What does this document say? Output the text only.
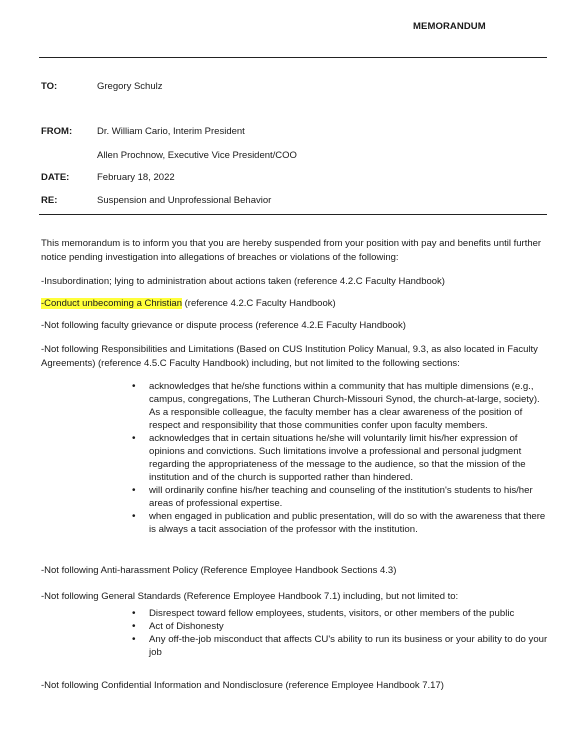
MEMORANDUM
TO:	Gregory Schulz
FROM:	Dr. William Cario, Interim President
Allen Prochnow, Executive Vice President/COO
DATE:	February 18, 2022
RE:	Suspension and Unprofessional Behavior
This memorandum is to inform you that you are hereby suspended from your position with pay and benefits until further notice pending investigation into allegations of breaches or violations of the following:
-Insubordination; lying to administration about actions taken (reference 4.2.C Faculty Handbook)
-Conduct unbecoming a Christian (reference 4.2.C Faculty Handbook)
-Not following faculty grievance or dispute process (reference 4.2.E Faculty Handbook)
-Not following Responsibilities and Limitations (Based on CUS Institution Policy Manual, 9.3, as also located in Faculty Agreements) (reference 4.5.C Faculty Handbook) including, but not limited to the following sections:
• acknowledges that he/she functions within a community that has multiple dimensions (e.g., campus, congregations, The Lutheran Church-Missouri Synod, the church-at-large, society). As a responsible colleague, the faculty member has a clear awareness of the position of respect and responsibility that those communities confer upon faculty members.
• acknowledges that in certain situations he/she will voluntarily limit his/her expression of opinions and convictions. Such limitations involve a professional and personal judgment regarding the appropriateness of the message to the audience, so that the mission of the institution and of the church is supported rather than hindered.
• will ordinarily confine his/her teaching and counseling of the institution's students to his/her areas of professional expertise.
• when engaged in publication and public presentation, will do so with the awareness that there is always a tacit association of the professor with the institution.
-Not following Anti-harassment Policy (Reference Employee Handbook Sections 4.3)
-Not following General Standards (Reference Employee Handbook 7.1) including, but not limited to:
• Disrespect toward fellow employees, students, visitors, or other members of the public
• Act of Dishonesty
• Any off-the-job misconduct that affects CU's ability to run its business or your ability to do your job
-Not following Confidential Information and Nondisclosure (reference Employee Handbook 7.17)
